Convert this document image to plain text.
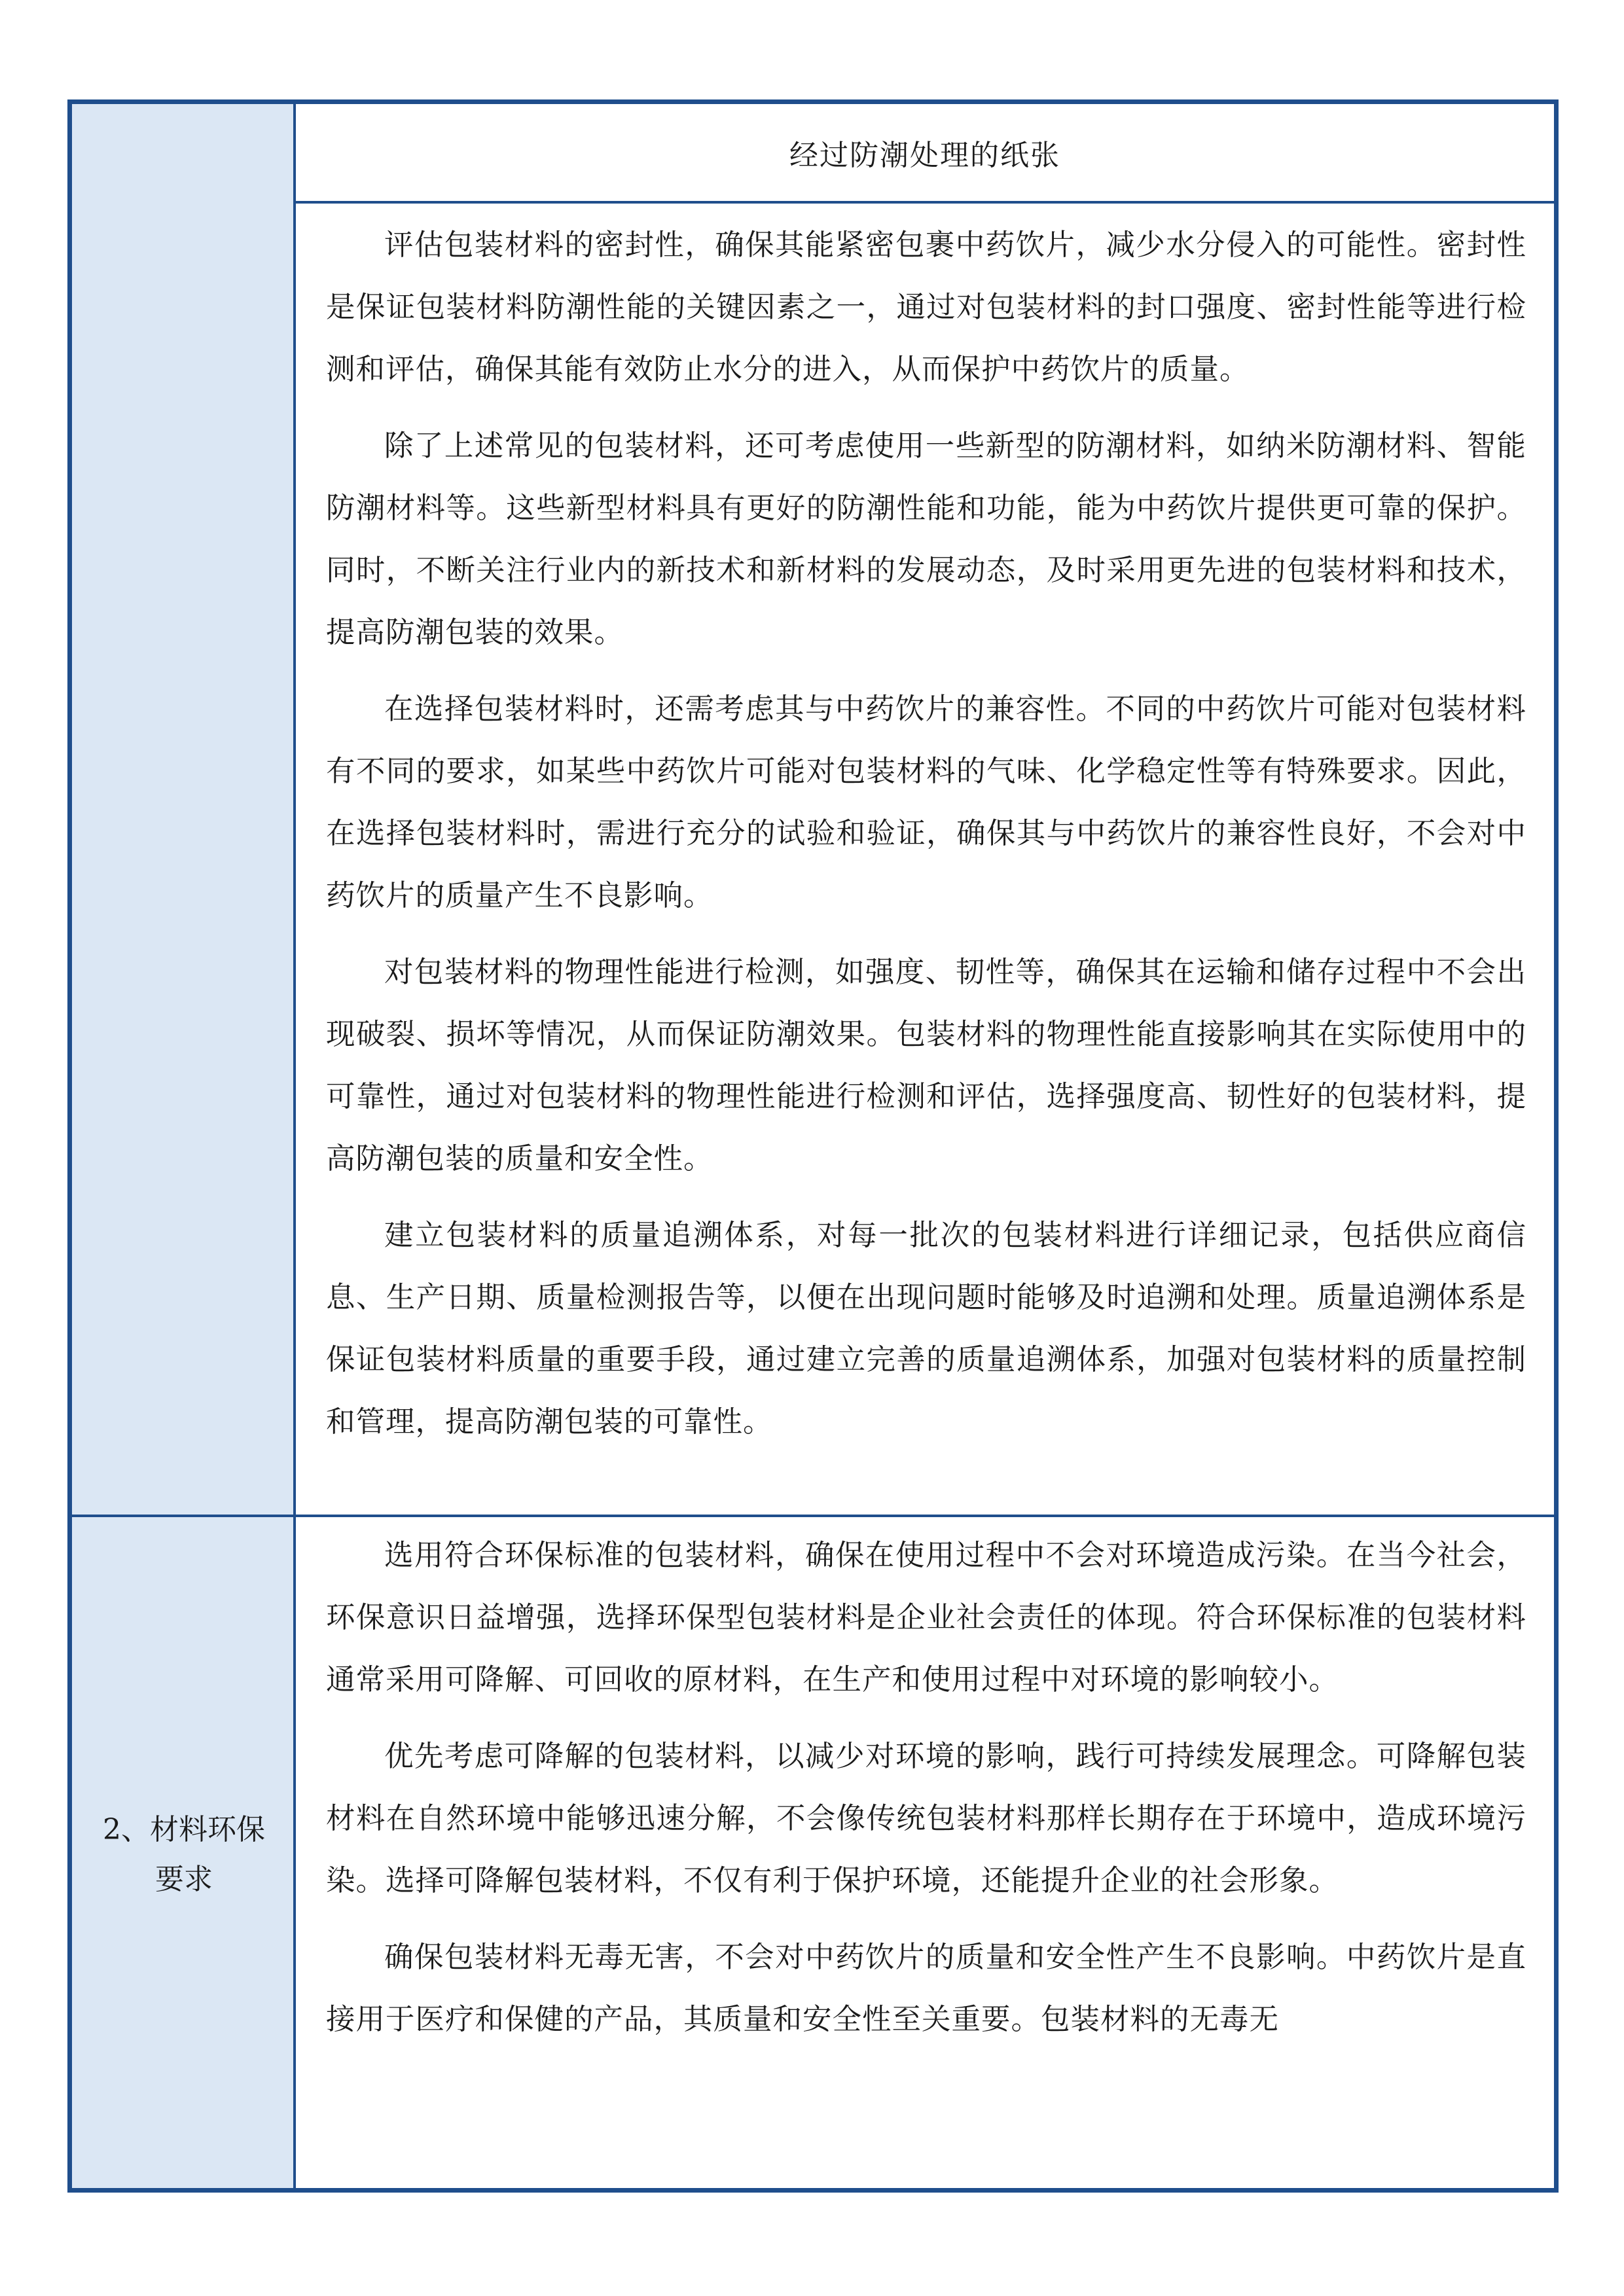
经过防潮处理的纸张

评估包装材料的密封性，确保其能紧密包裹中药饮片，减少水分侵入的可能性。密封性是保证包装材料防潮性能的关键因素之一，通过对包装材料的封口强度、密封性能等进行检测和评估，确保其能有效防止水分的进入，从而保护中药饮片的质量。

除了上述常见的包装材料，还可考虑使用一些新型的防潮材料，如纳米防潮材料、智能防潮材料等。这些新型材料具有更好的防潮性能和功能，能为中药饮片提供更可靠的保护。同时，不断关注行业内的新技术和新材料的发展动态，及时采用更先进的包装材料和技术，提高防潮包装的效果。

在选择包装材料时，还需考虑其与中药饮片的兼容性。不同的中药饮片可能对包装材料有不同的要求，如某些中药饮片可能对包装材料的气味、化学稳定性等有特殊要求。因此，在选择包装材料时，需进行充分的试验和验证，确保其与中药饮片的兼容性良好，不会对中药饮片的质量产生不良影响。

对包装材料的物理性能进行检测，如强度、韧性等，确保其在运输和储存过程中不会出现破裂、损坏等情况，从而保证防潮效果。包装材料的物理性能直接影响其在实际使用中的可靠性，通过对包装材料的物理性能进行检测和评估，选择强度高、韧性好的包装材料，提高防潮包装的质量和安全性。

建立包装材料的质量追溯体系，对每一批次的包装材料进行详细记录，包括供应商信息、生产日期、质量检测报告等，以便在出现问题时能够及时追溯和处理。质量追溯体系是保证包装材料质量的重要手段，通过建立完善的质量追溯体系，加强对包装材料的质量控制和管理，提高防潮包装的可靠性。

2、材料环保要求

选用符合环保标准的包装材料，确保在使用过程中不会对环境造成污染。在当今社会，环保意识日益增强，选择环保型包装材料是企业社会责任的体现。符合环保标准的包装材料通常采用可降解、可回收的原材料，在生产和使用过程中对环境的影响较小。

优先考虑可降解的包装材料，以减少对环境的影响，践行可持续发展理念。可降解包装材料在自然环境中能够迅速分解，不会像传统包装材料那样长期存在于环境中，造成环境污染。选择可降解包装材料，不仅有利于保护环境，还能提升企业的社会形象。

确保包装材料无毒无害，不会对中药饮片的质量和安全性产生不良影响。中药饮片是直接用于医疗和保健的产品，其质量和安全性至关重要。包装材料的无毒无
